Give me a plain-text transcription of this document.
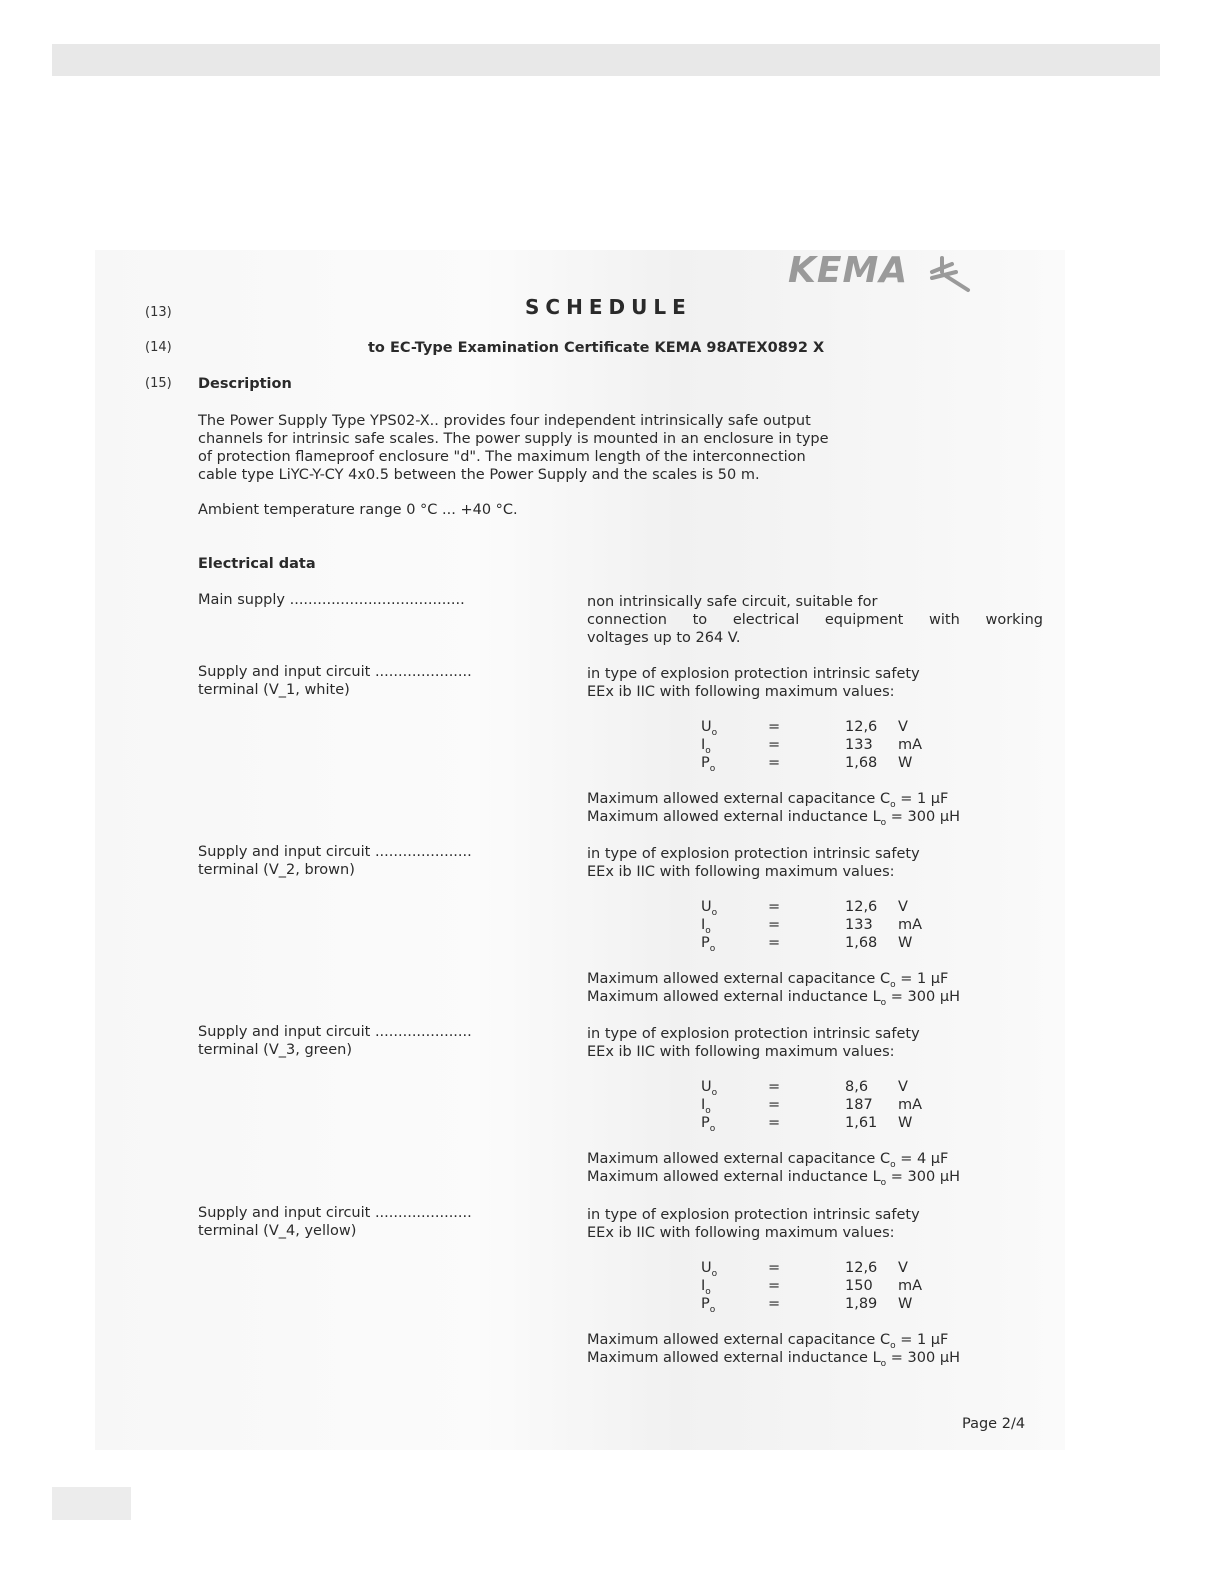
KEMA
(13)	SCHEDULE
(14)	to EC-Type Examination Certificate KEMA 98ATEX0892 X
(15) Description
The Power Supply Type YPS02-X.. provides four independent intrinsically safe output
channels for intrinsic safe scales. The power supply is mounted in an enclosure in type
of protection flameproof enclosure "d". The maximum length of the interconnection
cable type LiYC-Y-CY 4x0.5 between the Power Supply and the scales is 50 m.
Ambient temperature range 0 °C ... +40 °C.
Electrical data
Main supply ......................................	non intrinsically safe circuit, suitable for
connection to electrical equipment with working
voltages up to 264 V.
Supply and input circuit .....................
terminal (V_1, white)
in type of explosion protection intrinsic safety
EEx ib IIC with following maximum values:
$U_o$	=	12,6 V
$I_o$	=	133 mA
$P_o$	=	1,68 W
Maximum allowed external capacitance $C_o = 1$ μF
Maximum allowed external inductance $L_o = 300$ μH
Supply and input circuit .....................
terminal (V_2, brown)
in type of explosion protection intrinsic safety
EEx ib IIC with following maximum values:
$U_o$	=	12,6 V
$I_o$	=	133 mA
$P_o$	=	1,68 W
Maximum allowed external capacitance $C_o = 1$ μF
Maximum allowed external inductance $L_o = 300$ μH
Supply and input circuit .....................
terminal (V_3, green)
in type of explosion protection intrinsic safety
EEx ib IIC with following maximum values:
$U_o$	=	8,6 V
$I_o$	=	187 mA
$P_o$	=	1,61 W
Maximum allowed external capacitance $C_o = 4$ μF
Maximum allowed external inductance $L_o = 300$ μH
Supply and input circuit .....................
terminal (V_4, yellow)
in type of explosion protection intrinsic safety
EEx ib IIC with following maximum values:
$U_o$	=	12,6 V
$I_o$	=	150 mA
$P_o$	=	1,89 W
Maximum allowed external capacitance $C_o = 1$ μF
Maximum allowed external inductance $L_o = 300$ μH
Page 2/4
